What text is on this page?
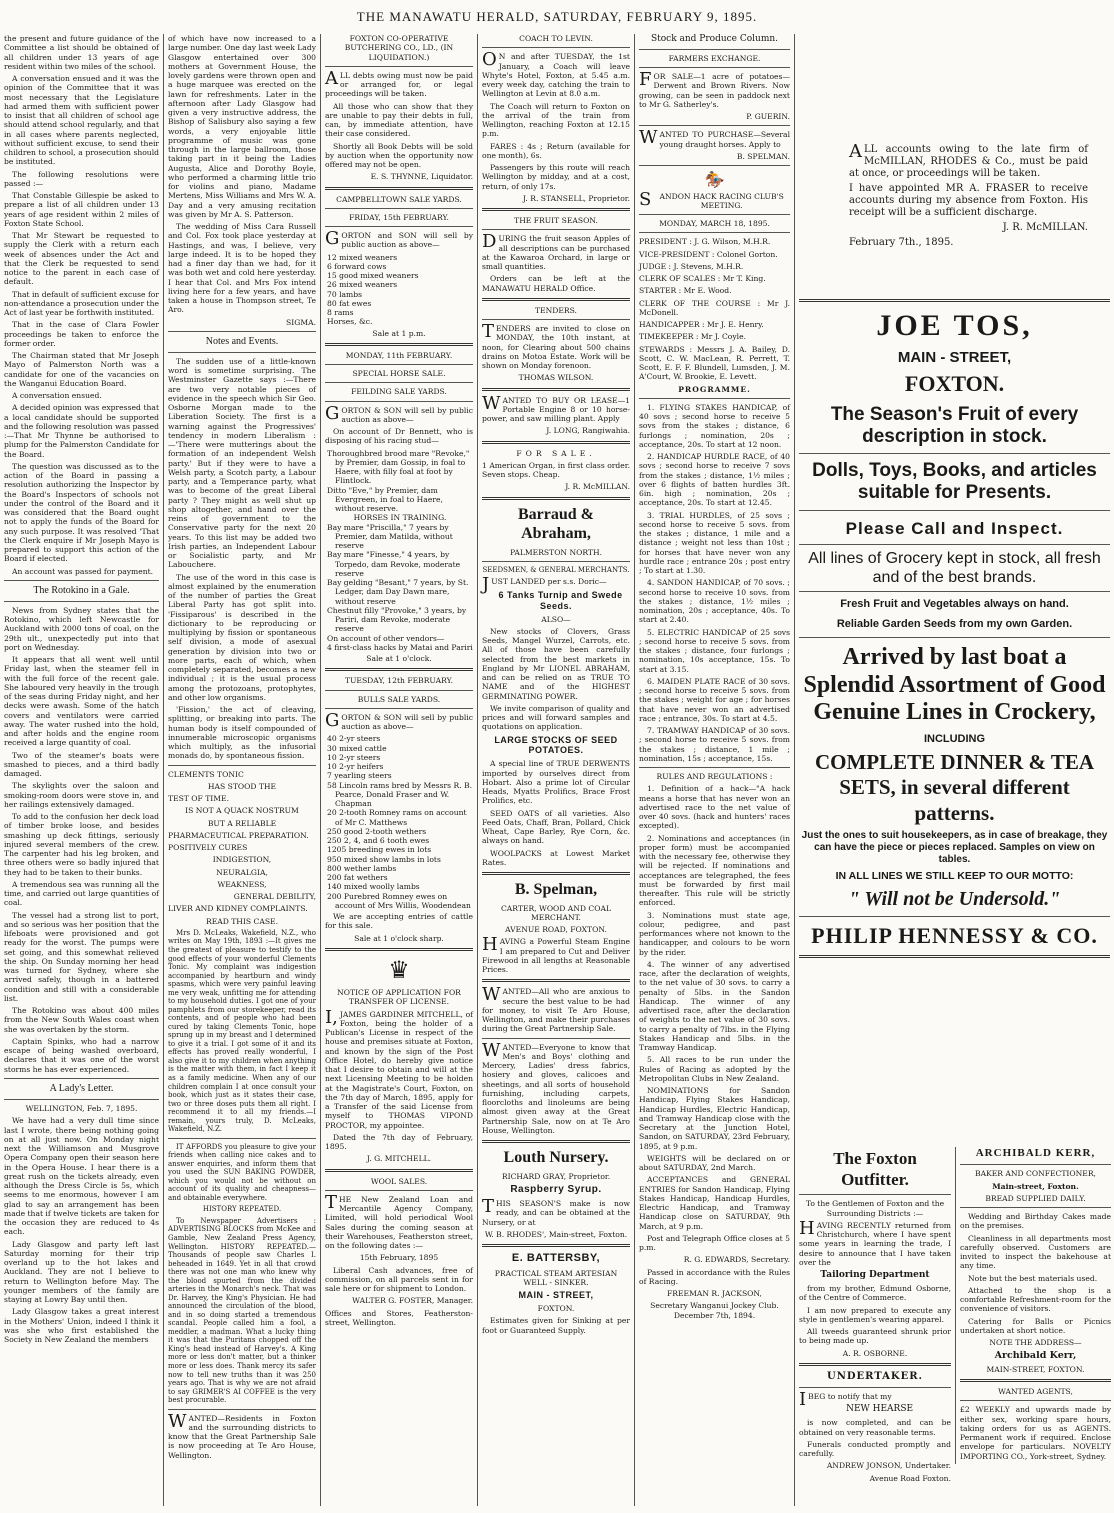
THE MANAWATU HERALD, SATURDAY, FEBRUARY 9, 1895.

the present and future guidance of the Committee a list should be obtained of all children under 13 years of age resident within two miles of the school.

A conversation ensued and it was the opinion of the Committee that it was most necessary that the Legislature had armed them with sufficient power to insist that all children of school age should attend school regularly, and that in all cases where parents neglected, without sufficient excuse, to send their children to school, a prosecution should be instituted.

The following resolutions were passed :—

That Constable Gillespie be asked to prepare a list of all children under 13 years of age resident within 2 miles of Foxton State School.

That Mr Stewart be requested to supply the Clerk with a return each week of absences under the Act and that the Clerk be requested to send notice to the parent in each case of default.

That in default of sufficient excuse for non-attendance a prosecution under the Act of last year be forthwith instituted.

That in the case of Clara Fowler proceedings be taken to enforce the former order.

The Chairman stated that Mr Joseph Mayo of Palmerston North was a candidate for one of the vacancies on the Wanganui Education Board.

A conversation ensued.

A decided opinion was expressed that a local candidate should be supported and the following resolution was passed :—That Mr Thynne be authorised to plump for the Palmerston Candidate for the Board.

The question was discussed as to the action of the Board in passing a resolution authorizing the Inspector by the Board's Inspectors of schools not under the control of the Board and it was considered that the Board ought not to apply the funds of the Board for any such purpose. It was resolved 'That the Clerk enquire if Mr Joseph Mayo is prepared to support this action of the Board if elected.

An account was passed for payment.

The Rotokino in a Gale.

News from Sydney states that the Rotokino, which left Newcastle for Auckland with 2000 tons of coal, on the 29th ult., unexpectedly put into that port on Wednesday.

It appears that all went well until Friday last, when the steamer fell in with the full force of the recent gale. She laboured very heavily in the trough of the seas during Friday night, and her decks were awash. Some of the hatch covers and ventilators were carried away. The water rushed into the hold, and after holds and the engine room received a large quantity of coal.

Two of the steamer's boats were smashed to pieces, and a third badly damaged.

The skylights over the saloon and smoking-room doors were stove in, and her railings extensively damaged.

To add to the confusion her deck load of timber broke loose, and besides smashing up deck fittings, seriously injured several members of the crew. The carpenter had his leg broken, and three others were so badly injured that they had to be taken to their bunks.

A tremendous sea was running all the time, and carried out large quantities of coal.

The vessel had a strong list to port, and so serious was her position that the lifeboats were provisioned and got ready for the worst. The pumps were set going, and this somewhat relieved the ship. On Sunday morning her head was turned for Sydney, where she arrived safely, though in a battered condition and still with a considerable list.

The Rotokino was about 400 miles from the New South Wales coast when she was overtaken by the storm.

Captain Spinks, who had a narrow escape of being washed overboard, declares that it was one of the worst storms he has ever experienced.

A Lady's Letter.

WELLINGTON, Feb. 7, 1895.

We have had a very dull time since last I wrote, there being nothing going on at all just now. On Monday night next the Williamson and Musgrove Opera Company open their season here in the Opera House. I hear there is a great rush on the tickets already, even although the Dress Circle is 5s, which seems to me enormous, however I am glad to say an arrangement has been made that if twelve tickets are taken for the occasion they are reduced to 4s each.

Lady Glasgow and party left last Saturday morning for their trip overland up to the hot lakes and Auckland. They are not I believe to return to Wellington before May. The younger members of the family are staying at Lowry Bay until then.

Lady Glasgow takes a great interest in the Mothers' Union, indeed I think it was she who first established the Society in New Zealand the members

of which have now increased to a large number. One day last week Lady Glasgow entertained over 300 mothers at Government House, the lovely gardens were thrown open and a huge marquee was erected on the lawn for refreshments. Later in the afternoon after Lady Glasgow had given a very instructive address, the Bishop of Salisbury also saying a few words, a very enjoyable little programme of music was gone through in the large ballroom, those taking part in it being the Ladies Augusta, Alice and Dorothy Boyle, who performed a charming little trio for violins and piano, Madame Mertens, Miss Williams and Mrs W. A. Day and a very amusing recitation was given by Mr A. S. Patterson.

The wedding of Miss Cara Russell and Col. Fox took place yesterday at Hastings, and was, I believe, very large indeed. It is to be hoped they had a finer day than we had, for it was both wet and cold here yesterday. I hear that Col. and Mrs Fox intend living here for a few years, and have taken a house in Thompson street, Te Aro.

SIGMA.

Notes and Events.

The sudden use of a little-known word is sometime surprising. The Westminster Gazette says :—There are two very notable pieces of evidence in the speech which Sir Geo. Osborne Morgan made to the Liberation Society. The first is a warning against the Progressives' tendency in modern Liberalism :—'There were mutterings about the formation of an independent Welsh party.' But if they were to have a Welsh party, a Scotch party, a Labour party, and a Temperance party, what was to become of the great Liberal party ? They might as well shut up shop altogether, and hand over the reins of government to the Conservative party for the next 20 years. To this list may be added two Irish parties, an Independent Labour or Socialistic party, and Mr Labouchere.

The use of the word in this case is almost explained by the enumeration of the number of parties the Great Liberal Party has got split into. 'Fissiparous' is described in the dictionary to be reproducing or multiplying by fission or spontaneous self division, a mode of asexual generation by division into two or more parts, each of which, when completely separated, becomes a new individual ; it is the usual process among the protozoans, protophytes, and other low organisms.

'Fission,' the act of cleaving, splitting, or breaking into parts. The human body is itself compounded of innumerable microscopic organisms which multiply, as the infusorial monads do, by spontaneous fission.

CLEMENTS TONIC

HAS STOOD THE

TEST OF TIME.

IS NOT A QUACK NOSTRUM

BUT A RELIABLE

PHARMACEUTICAL PREPARATION.

POSITIVELY CURES

INDIGESTION,

NEURALGIA,

WEAKNESS,

GENERAL DEBILITY,

LIVER AND KIDNEY COMPLAINTS.

READ THIS CASE.

Mrs D. McLeaks, Wakefield, N.Z., who writes on May 19th, 1893 :—It gives me the greatest of pleasure to testify to the good effects of your wonderful Clements Tonic. My complaint was indigestion accompanied by heartburn and windy spasms, which were very painful leaving me very weak, unfitting me for attending to my household duties. I got one of your pamphlets from our storekeeper, read its contents, and of people who had been cured by taking Clements Tonic, hope sprung up in my breast and I determined to give it a trial. I got some of it and its effects has proved really wonderful, I also give it to my children when anything is the matter with them, in fact I keep it as a family medicine. When any of our children complain I at once consult your book, which just as it states their case, two or three doses puts them all right. I recommend it to all my friends.—I remain, yours truly, D. McLeaks, Wakefield, N.Z.

IT AFFORDS you pleasure to give your friends when calling nice cakes and to answer enquiries, and inform them that you used the SUN BAKING POWDER, which you would not be without on account of its quality and cheapness—and obtainable everywhere.

HISTORY REPEATED.

To Newspaper Advertisers : ADVERTISING BLOCKS from McKee and Gamble, New Zealand Press Agency, Wellington. HISTORY REPEATED.—Thousands of people saw Charles I. beheaded in 1649. Yet in all that crowd there was not one man who knew why the blood spurted from the divided arteries in the Monarch's neck. That was Dr. Harvey, the King's Physician. He had announced the circulation of the blood, and in so doing started a tremendous scandal. People called him a fool, a meddler, a madman. What a lucky thing it was that the Puritans chopped off the King's head instead of Harvey's. A King more or less don't matter, but a thinker more or less does. Thank mercy its safer now to tell new truths than it was 250 years ago. That is why we are not afraid to say GRIMER'S AI COFFEE is the very best procurable.

WANTED—Residents in Foxton and the surrounding districts to know that the Great Partnership Sale is now proceeding at Te Aro House, Wellington.

FOXTON CO-OPERATIVE BUTCHERING CO., LD., (IN LIQUIDATION.)

ALL debts owing must now be paid or arranged for, or legal proceedings will be taken.

All those who can show that they are unable to pay their debts in full, can, by immediate attention, have their case considered.

Shortly all Book Debts will be sold by auction when the opportunity now offered may not be open.

E. S. THYNNE, Liquidator.

CAMPBELLTOWN SALE YARDS.

FRIDAY, 15th FEBRUARY.

GORTON and SON will sell by public auction as above—

12 mixed weaners
6 forward cows
15 good mixed weaners
26 mixed weaners
70 lambs
80 fat ewes
8 rams
Horses, &c.

Sale at 1 p.m.

MONDAY, 11th FEBRUARY.

SPECIAL HORSE SALE.

FEILDING SALE YARDS.

GORTON & SON will sell by public auction as above—

On account of Dr Bennett, who is disposing of his racing stud—

Thoroughbred brood mare "Revoke," by Premier, dam Gossip, in foal to Haere, with filly foal at foot by Flintlock.
Ditto "Eve," by Premier, dam Evergreen, in foal to Haere, without reserve.
HORSES IN TRAINING.
Bay mare "Priscilla," 7 years by Premier, dam Matilda, without reserve
Bay mare "Finesse," 4 years, by Torpedo, dam Revoke, moderate reserve
Bay gelding "Besant," 7 years, by St. Ledger, dam Day Dawn mare, without reserve
Chestnut filly "Provoke," 3 years, by Pariri, dam Revoke, moderate reserve
On account of other vendors—
4 first-class hacks by Matai and Pariri

Sale at 1 o'clock.

TUESDAY, 12th FEBRUARY.

BULLS SALE YARDS.

GORTON & SON will sell by public auction as above—

40 2-yr steers
30 mixed cattle
10 2-yr steers
10 2-yr heifers
7 yearling steers
58 Lincoln rams bred by Messrs R. B. Pearce, Donald Fraser and W. Chapman
20 2-tooth Romney rams on account of Mr C. Matthews
250 good 2-tooth wethers
250 2, 4, and 6 tooth ewes
1205 breeding ewes in lots
950 mixed show lambs in lots
800 wether lambs
200 fat wethers
140 mixed woolly lambs
200 Purebred Romney ewes on account of Mrs Willis, Woodendean

We are accepting entries of cattle for this sale.

Sale at 1 o'clock sharp.

♛

NOTICE OF APPLICATION FOR TRANSFER OF LICENSE.

I,JAMES GARDINER MITCHELL, of Foxton, being the holder of a Publican's License in respect of the house and premises situate at Foxton, and known by the sign of the Post Office Hotel, do hereby give notice that I desire to obtain and will at the next Licensing Meeting to be holden at the Magistrate's Court, Foxton, on the 7th day of March, 1895, apply for a Transfer of the said License from myself to THOMAS VIPOND PROCTOR, my appointee.

Dated the 7th day of February, 1895.

J. G. MITCHELL.

WOOL SALES.

THE New Zealand Loan and Mercantile Agency Company, Limited, will hold periodical Wool Sales during the coming season at their Warehouses, Featherston street, on the following dates :—

15th February, 1895

Liberal Cash advances, free of commission, on all parcels sent in for sale here or for shipment to London.

WALTER G. FOSTER, Manager.

Offices and Stores, Featherston-street, Wellington.

COACH TO LEVIN.

ON and after TUESDAY, the 1st January, a Coach will leave Whyte's Hotel, Foxton, at 5.45 a.m. every week day, catching the train to Wellington at Levin at 8.0 a.m.

The Coach will return to Foxton on the arrival of the train from Wellington, reaching Foxton at 12.15 p.m.

FARES : 4s ; Return (available for one month), 6s.

Passengers by this route will reach Wellington by midday, and at a cost, return, of only 17s.

J. R. STANSELL, Proprietor.

THE FRUIT SEASON.

DURING the fruit season Apples of all descriptions can be purchased at the Kawaroa Orchard, in large or small quantities.

Orders can be left at the MANAWATU HERALD Office.

TENDERS.

TENDERS are invited to close on MONDAY, the 10th instant, at noon, for Clearing about 500 chains drains on Motoa Estate. Work will be shown on Monday forenoon.

THOMAS WILSON.

WANTED TO BUY OR LEASE—1 Portable Engine 8 or 10 horse-power, and saw milling plant. Apply

J. LONG, Rangiwahia.

FOR SALE.

1 American Organ, in first class order. Seven stops. Cheap.

J. R. McMILLAN.

Barraud & Abraham,

PALMERSTON NORTH.

SEEDSMEN, & GENERAL MERCHANTS.

JUST LANDED per s.s. Doric—

6 Tanks Turnip and Swede Seeds.

ALSO—

New stocks of Clovers, Grass Seeds, Mangel Wurzel, Carrots, etc. All of those have been carefully selected from the best markets in England by Mr LIONEL ABRAHAM, and can be relied on as TRUE TO NAME and of the HIGHEST GERMINATING POWER.

We invite comparison of quality and prices and will forward samples and quotations on application.

LARGE STOCKS OF SEED POTATOES.

A special line of TRUE DERWENTS imported by ourselves direct from Hobart. Also a prime lot of Circular Heads, Myatts Prolifics, Brace Frost Prolifics, etc.

SEED OATS of all varieties. Also Feed Oats, Chaff, Bran, Pollard, Chick Wheat, Cape Barley, Rye Corn, &c. always on hand.

WOOLPACKS at Lowest Market Rates.

B. Spelman,

CARTER, WOOD AND COAL MERCHANT.

AVENUE ROAD, FOXTON.

HAVING a Powerful Steam Engine I am prepared to Cut and Deliver Firewood in all lengths at Reasonable Prices.

WANTED—All who are anxious to secure the best value to be had for money, to visit Te Aro House, Wellington, and make their purchases during the Great Partnership Sale.

WANTED—Everyone to know that Men's and Boys' clothing and Mercery, Ladies' dress fabrics, hosiery and gloves, calicoes and sheetings, and all sorts of household furnishing, including carpets, floorcloths and linoleums are being almost given away at the Great Partnership Sale, now on at Te Aro House, Wellington.

Louth Nursery.

RICHARD GRAY, Proprietor.

Raspberry Syrup.

THIS SEASON'S make is now ready, and can be obtained at the Nursery, or at

W. B. RHODES', Main-street, Foxton.

E. BATTERSBY,

PRACTICAL STEAM ARTESIAN WELL - SINKER.

MAIN - STREET,

FOXTON.

Estimates given for Sinking at per foot or Guaranteed Supply.

Stock and Produce Column.

FARMERS EXCHANGE.

FOR SALE—1 acre of potatoes—Derwent and Brown Rivers. Now growing, can be seen in paddock next to Mr G. Satherley's.

P. GUERIN.

WANTED TO PURCHASE—Several young draught horses. Apply to

B. SPELMAN.

🏇

SANDON HACK RACING CLUB'S MEETING.

MONDAY, MARCH 18, 1895.

PRESIDENT : J. G. Wilson, M.H.R.

VICE-PRESIDENT : Colonel Gorton.

JUDGE : J. Stevens, M.H.R.

CLERK OF SCALES : Mr T. King.

STARTER : Mr E. Wood.

CLERK OF THE COURSE : Mr J. McDonell.

HANDICAPPER : Mr J. E. Henry.

TIMEKEEPER : Mr J. Coyle.

STEWARDS : Messrs J. A. Bailey, D. Scott, C. W. MacLean, R. Perrett, T. Scott, E. F. F. Blundell, Lumsden, J. M. A'Court, W. Brookie, E. Levett.

PROGRAMME.

1. FLYING STAKES HANDICAP, of 40 sovs ; second horse to receive 5 sovs from the stakes ; distance, 6 furlongs ; nomination, 20s ; acceptance, 20s. To start at 12 noon.

2. HANDICAP HURDLE RACE, of 40 sovs ; second horse to receive 7 sovs from the stakes ; distance, 1½ miles ; over 6 flights of batten hurdles 3ft. 6in. high ; nomination, 20s ; acceptance, 20s. To start at 12.45.

3. TRIAL HURDLES, of 25 sovs ; second horse to receive 5 sovs. from the stakes ; distance, 1 mile and a distance ; weight not less than 10st ; for horses that have never won any hurdle race ; entrance 20s ; post entry ; To start at 1.30.

4. SANDON HANDICAP, of 70 sovs. ; second horse to receive 10 sovs. from the stakes ; distance, 1½ miles ; nomination, 20s ; acceptance, 40s. To start at 2.40.

5. ELECTRIC HANDICAP of 25 sovs ; second horse to receive 5 sovs. from the stakes ; distance, four furlongs ; nomination, 10s acceptance, 15s. To start at 3.15.

6. MAIDEN PLATE RACE of 30 sovs. ; second horse to receive 5 sovs. from the stakes ; weight for age ; for horses that have never won an advertised race ; entrance, 30s. To start at 4.5.

7. TRAMWAY HANDICAP of 30 sovs. ; second horse to receive 5 sovs. from the stakes ; distance, 1 mile ; nomination, 15s ; acceptance, 15s.

RULES AND REGULATIONS :

1. Definition of a hack—"A hack means a horse that has never won an advertised race to the net value of over 40 sovs. (hack and hunters' races excepted).

2. Nominations and acceptances (in proper form) must be accompanied with the necessary fee, otherwise they will be rejected. If nominations and acceptances are telegraphed, the fees must be forwarded by first mail thereafter. This rule will be strictly enforced.

3. Nominations must state age, colour, pedigree, and past performances where not known to the handicapper, and colours to be worn by the rider.

4. The winner of any advertised race, after the declaration of weights, to the net value of 30 sovs. to carry a penalty of 5lbs. in the Sandon Handicap. The winner of any advertised race, after the declaration of weights to the net value of 30 sovs. to carry a penalty of 7lbs. in the Flying Stakes Handicap and 5lbs. in the Tramway Handicap.

5. All races to be run under the Rules of Racing as adopted by the Metropolitan Clubs in New Zealand.

NOMINATIONS for Sandon Handicap, Flying Stakes Handicap, Handicap Hurdles, Electric Handicap, and Tramway Handicap close with the Secretary at the Junction Hotel, Sandon, on SATURDAY, 23rd February, 1895, at 9 p.m.

WEIGHTS will be declared on or about SATURDAY, 2nd March.

ACCEPTANCES and GENERAL ENTRIES for Sandon Handicap, Flying Stakes Handicap, Handicap Hurdles, Electric Handicap, and Tramway Handicap close on SATURDAY, 9th March, at 9 p.m.

Post and Telegraph Office closes at 5 p.m.

R. G. EDWARDS, Secretary.

Passed in accordance with the Rules of Racing.

FREEMAN R. JACKSON,

Secretary Wanganui Jockey Club. December 7th, 1894.

ALL accounts owing to the late firm of McMILLAN, RHODES & Co., must be paid at once, or proceedings will be taken.

I have appointed MR A. FRASER to receive accounts during my absence from Foxton. His receipt will be a sufficient discharge.

J. R. McMILLAN.

February 7th., 1895.

JOE TOS,
MAIN - STREET,
FOXTON.
The Season's Fruit of every description in stock.
Dolls, Toys, Books, and articles suitable for Presents.
Please Call and Inspect.
All lines of Grocery kept in stock, all fresh and of the best brands.
Fresh Fruit and Vegetables always on hand.
Reliable Garden Seeds from my own Garden.
Arrived by last boat a Splendid Assortment of Good Genuine Lines in Crockery,
INCLUDING
COMPLETE DINNER & TEA SETS, in several different patterns.
Just the ones to suit housekeepers, as in case of breakage, they can have the piece or pieces replaced. Samples on view on tables.
IN ALL LINES WE STILL KEEP TO OUR MOTTO:
" Will not be Undersold."
PHILIP HENNESSY & CO.
The Foxton Outfitter.

To the Gentlemen of Foxton and the Surrounding Districts :—

HAVING RECENTLY returned from Christchurch, where I have spent some years in learning the trade, I desire to announce that I have taken over the

Tailoring Department

from my brother, Edmund Osborne, of the Centre of Commerce.

I am now prepared to execute any style in gentlemen's wearing apparel.

All tweeds guaranteed shrunk prior to being made up.

A. R. OSBORNE.

UNDERTAKER.

IBEG to notify that my

NEW HEARSE

is now completed, and can be obtained on very reasonable terms.

Funerals conducted promptly and carefully.

ANDREW JONSON, Undertaker.

Avenue Road Foxton.

ARCHIBALD KERR,

BAKER AND CONFECTIONER,

Main-street, Foxton.

BREAD SUPPLIED DAILY.

Wedding and Birthday Cakes made on the premises.

Cleanliness in all departments most carefully observed. Customers are invited to inspect the bakehouse at any time.

Note but the best materials used.

Attached to the shop is a comfortable Refreshment-room for the convenience of visitors.

Catering for Balls or Picnics undertaken at short notice.

NOTE THE ADDRESS—

Archibald Kerr,

MAIN-STREET, FOXTON.

WANTED AGENTS,

£2 WEEKLY and upwards made by either sex, working spare hours, taking orders for us as AGENTS. Permanent work if required. Enclose envelope for particulars. NOVELTY IMPORTING CO., York-street, Sydney.
